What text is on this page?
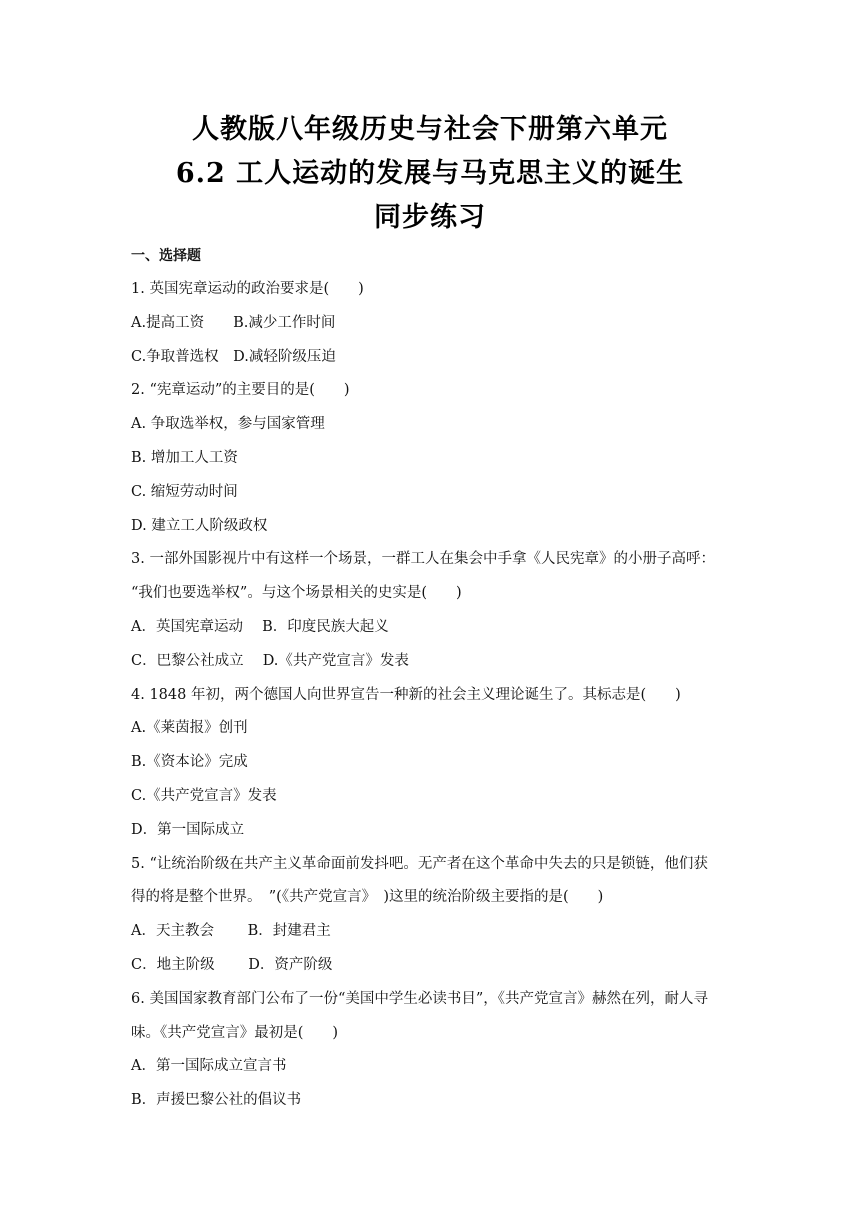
人教版八年级历史与社会下册第六单元
6.2 工人运动的发展与马克思主义的诞生
同步练习
一、选择题
1. 英国宪章运动的政治要求是(　　)
A.提高工资　　B.减少工作时间
C.争取普选权　D.减轻阶级压迫
2. “宪章运动”的主要目的是(　　)
A. 争取选举权，参与国家管理
B. 增加工人工资
C. 缩短劳动时间
D. 建立工人阶级政权
3. 一部外国影视片中有这样一个场景，一群工人在集会中手拿《人民宪章》的小册子高呼：
“我们也要选举权”。与这个场景相关的史实是(　　)
A．英国宪章运动　 B．印度民族大起义
C．巴黎公社成立　 D.《共产党宣言》发表
4. 1848 年初，两个德国人向世界宣告一种新的社会主义理论诞生了。其标志是(　　)
A.《莱茵报》创刊
B.《资本论》完成
C.《共产党宣言》发表
D．第一国际成立
5. “让统治阶级在共产主义革命面前发抖吧。无产者在这个革命中失去的只是锁链，他们获
得的将是整个世界。　”(《共产党宣言》　)这里的统治阶级主要指的是(　　)
A．天主教会　　 B．封建君主
C．地主阶级　　 D．资产阶级
6. 美国国家教育部门公布了一份“美国中学生必读书目”，《共产党宣言》赫然在列，耐人寻
味。《共产党宣言》最初是(　　)
A．第一国际成立宣言书
B．声援巴黎公社的倡议书
